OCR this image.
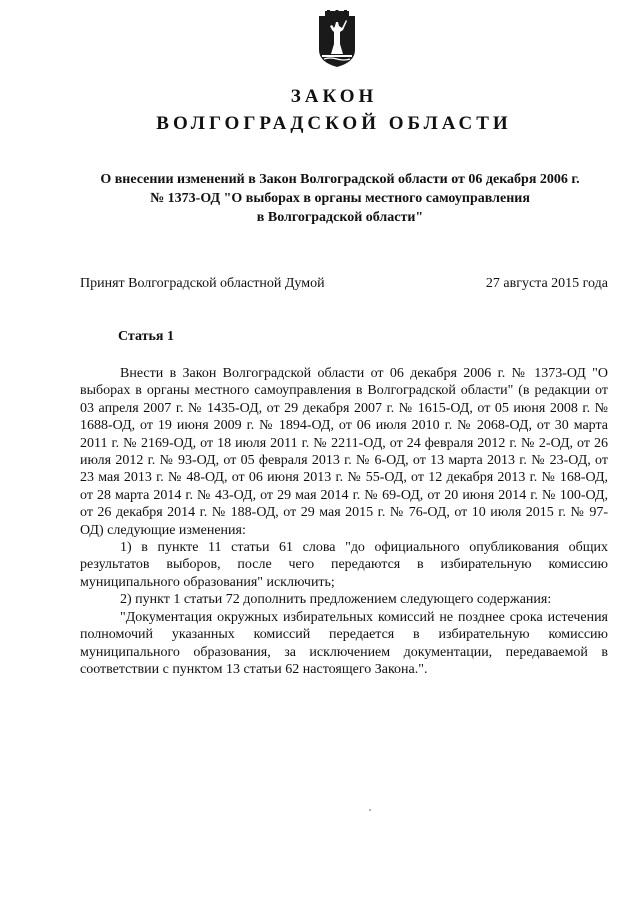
ЗАКОН
ВОЛГОГРАДСКОЙ ОБЛАСТИ
О внесении изменений в Закон Волгоградской области от 06 декабря 2006 г.
№ 1373-ОД "О выборах в органы местного самоуправления
в Волгоградской области"
Принят Волгоградской областной Думой	27 августа 2015 года
Статья 1

Внести в Закон Волгоградской области от 06 декабря 2006 г. № 1373-ОД "О выборах в органы местного самоуправления в Волгоградской области" (в редакции от 03 апреля 2007 г. № 1435-ОД, от 29 декабря 2007 г. № 1615-ОД, от 05 июня 2008 г. № 1688-ОД, от 19 июня 2009 г. № 1894-ОД, от 06 июля 2010 г. № 2068-ОД, от 30 марта 2011 г. № 2169-ОД, от 18 июля 2011 г. № 2211-ОД, от 24 февраля 2012 г. № 2-ОД, от 26 июля 2012 г. № 93-ОД, от 05 февраля 2013 г. № 6-ОД, от 13 марта 2013 г. № 23-ОД, от 23 мая 2013 г. № 48-ОД, от 06 июня 2013 г. № 55-ОД, от 12 декабря 2013 г. № 168-ОД, от 28 марта 2014 г. № 43-ОД, от 29 мая 2014 г. № 69-ОД, от 20 июня 2014 г. № 100-ОД, от 26 декабря 2014 г. № 188-ОД, от 29 мая 2015 г. № 76-ОД, от 10 июля 2015 г. № 97-ОД) следующие изменения:

1) в пункте 11 статьи 61 слова "до официального опубликования общих результатов выборов, после чего передаются в избирательную комиссию муниципального образования" исключить;

2) пункт 1 статьи 72 дополнить предложением следующего содержания:

"Документация окружных избирательных комиссий не позднее срока истечения полномочий указанных комиссий передается в избирательную комиссию муниципального образования, за исключением документации, передаваемой в соответствии с пунктом 13 статьи 62 настоящего Закона.".
